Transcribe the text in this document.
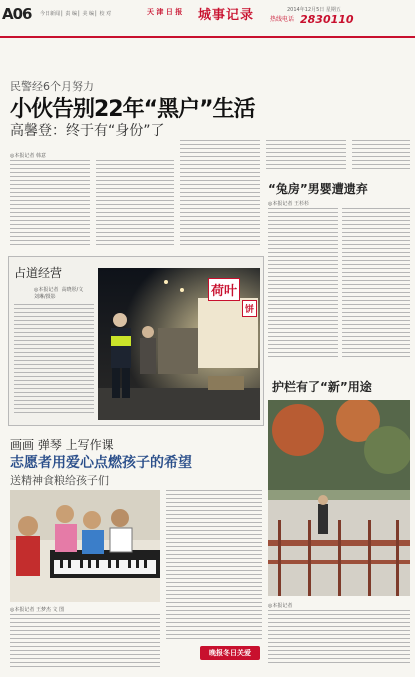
A06 今日新闻 ▏责 编 ▏美 编 ▏校 对	天 津 日 报 城事记录	2014年12月5日 星期五
热线电话 2830110
民警经6个月努力
小伙告别22年“黑户”生活
高馨登：终于有“身份”了
◎本报记者 韩意
“兔房”男婴遭遗弃
◎本报记者 王杉杉
占道经营
◎本报记者  高晓彤/文
刘琳/摄影	荷叶
饼
护栏有了“新”用途
◎本报记者
画画 弹琴 上写作课
志愿者用爱心点燃孩子的希望
送精神食粮给孩子们
◎本报记者 王梦杰 文 图
晚报冬日关爱
